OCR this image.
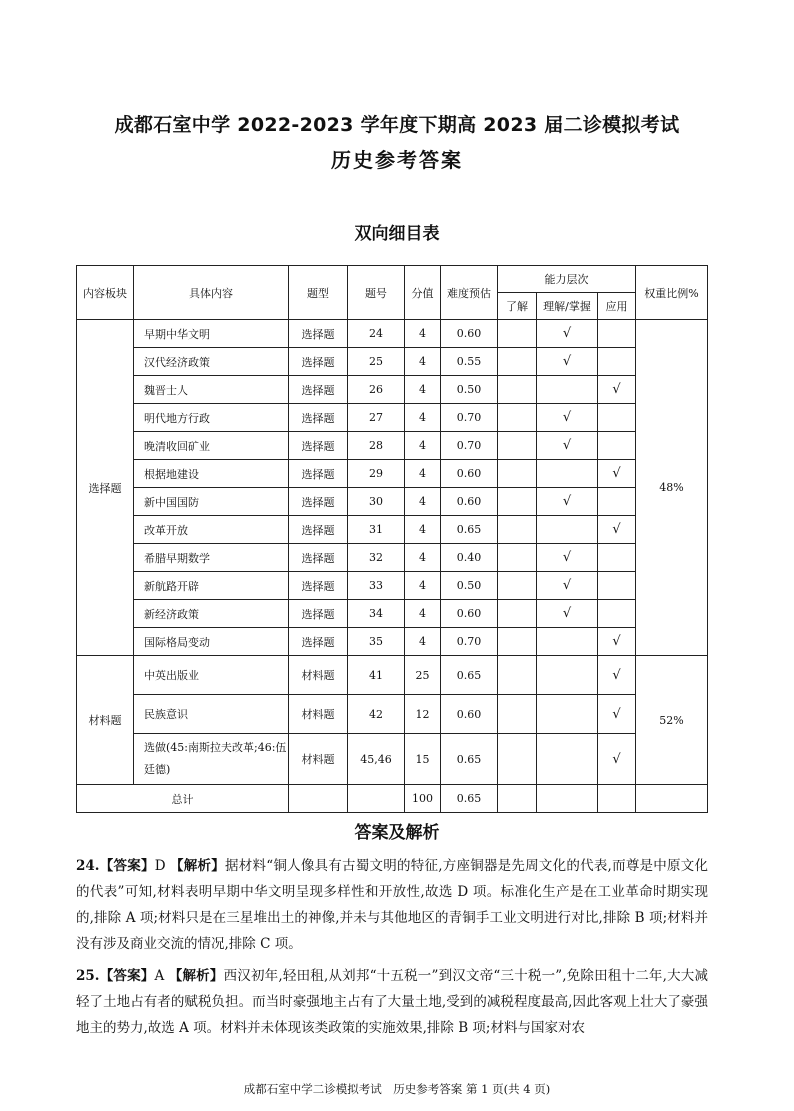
成都石室中学 2022-2023 学年度下期高 2023 届二诊模拟考试
历史参考答案
双向细目表
内容板块	具体内容	题型	题号	分值	难度预估	能力层次			权重比例%
						了解	理解/掌握	应用	
选择题	早期中华文明	选择题	24	4	0.60		√		48%
	汉代经济政策	选择题	25	4	0.55		√		
	魏晋士人	选择题	26	4	0.50			√	
	明代地方行政	选择题	27	4	0.70		√		
	晚清收回矿业	选择题	28	4	0.70		√		
	根据地建设	选择题	29	4	0.60			√	
	新中国国防	选择题	30	4	0.60		√		
	改革开放	选择题	31	4	0.65			√	
	希腊早期数学	选择题	32	4	0.40		√		
	新航路开辟	选择题	33	4	0.50		√		
	新经济政策	选择题	34	4	0.60		√		
	国际格局变动	选择题	35	4	0.70			√	
材料题	中英出版业	材料题	41	25	0.65			√	52%
	民族意识	材料题	42	12	0.60			√	
	选做(45:南斯拉夫改革;46:伍廷德)	材料题	45,46	15	0.65			√	
总计				100	0.65				
答案及解析
24.【答案】D 【解析】据材料“铜人像具有古蜀文明的特征,方座铜器是先周文化的代表,而尊是中原文化的代表”可知,材料表明早期中华文明呈现多样性和开放性,故选 D 项。标准化生产是在工业革命时期实现的,排除 A 项;材料只是在三星堆出土的神像,并未与其他地区的青铜手工业文明进行对比,排除 B 项;材料并没有涉及商业交流的情况,排除 C 项。
25.【答案】A 【解析】西汉初年,轻田租,从刘邦“十五税一”到汉文帝“三十税一”,免除田租十二年,大大减轻了土地占有者的赋税负担。而当时豪强地主占有了大量土地,受到的减税程度最高,因此客观上壮大了豪强地主的势力,故选 A 项。材料并未体现该类政策的实施效果,排除 B 项;材料与国家对农
成都石室中学二诊模拟考试　历史参考答案 第 1 页(共 4 页)
